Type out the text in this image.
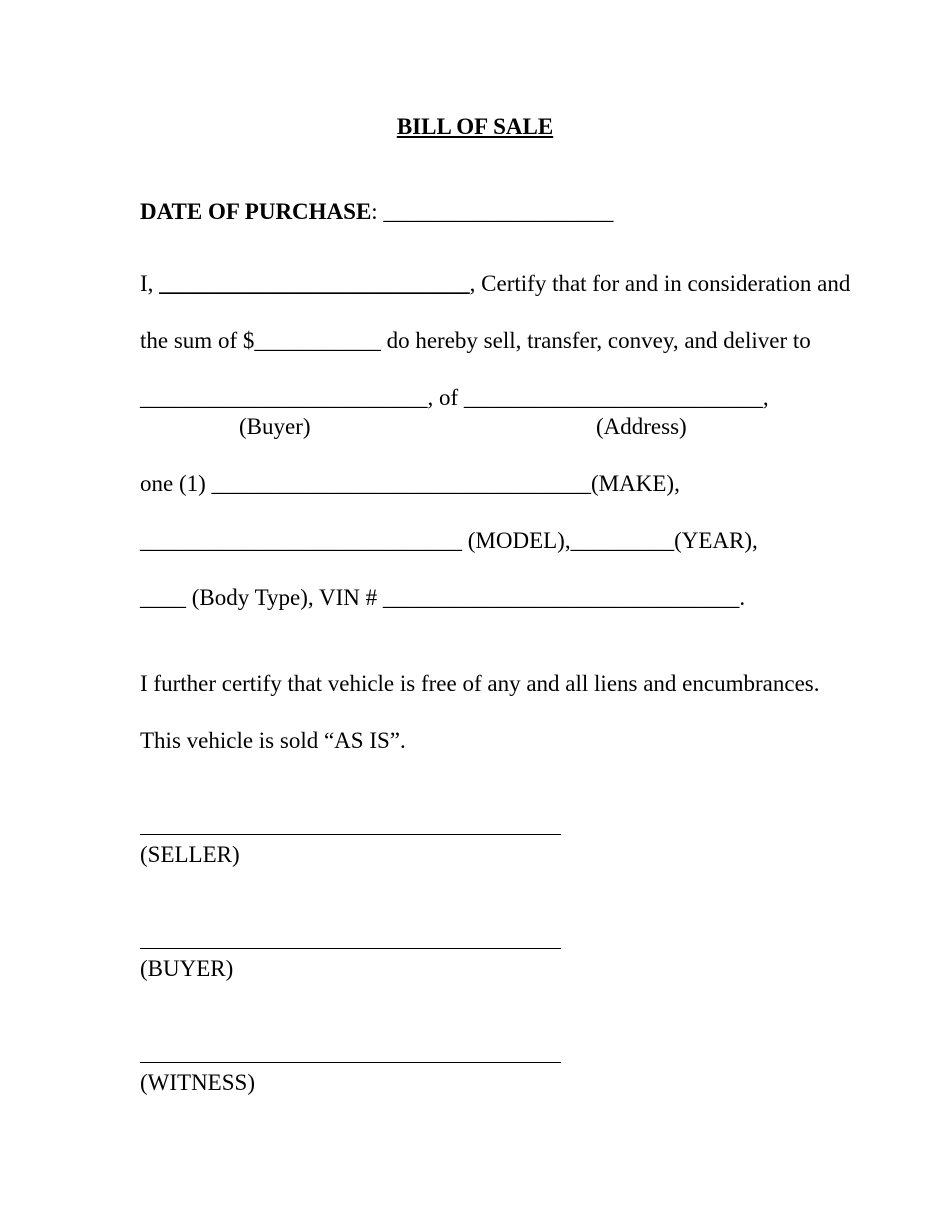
BILL OF SALE
DATE OF PURCHASE: ____________________
I, ___________________________, Certify that for and in consideration and
the sum of $___________ do hereby sell, transfer, convey, and deliver to
_________________________, of __________________________,
(Buyer)	(Address)
one (1) _________________________________(MAKE),
____________________________ (MODEL),_________(YEAR),
____ (Body Type), VIN # _______________________________.
I further certify that vehicle is free of any and all liens and encumbrances.
This vehicle is sold “AS IS”.
(SELLER)
(BUYER)
(WITNESS)
